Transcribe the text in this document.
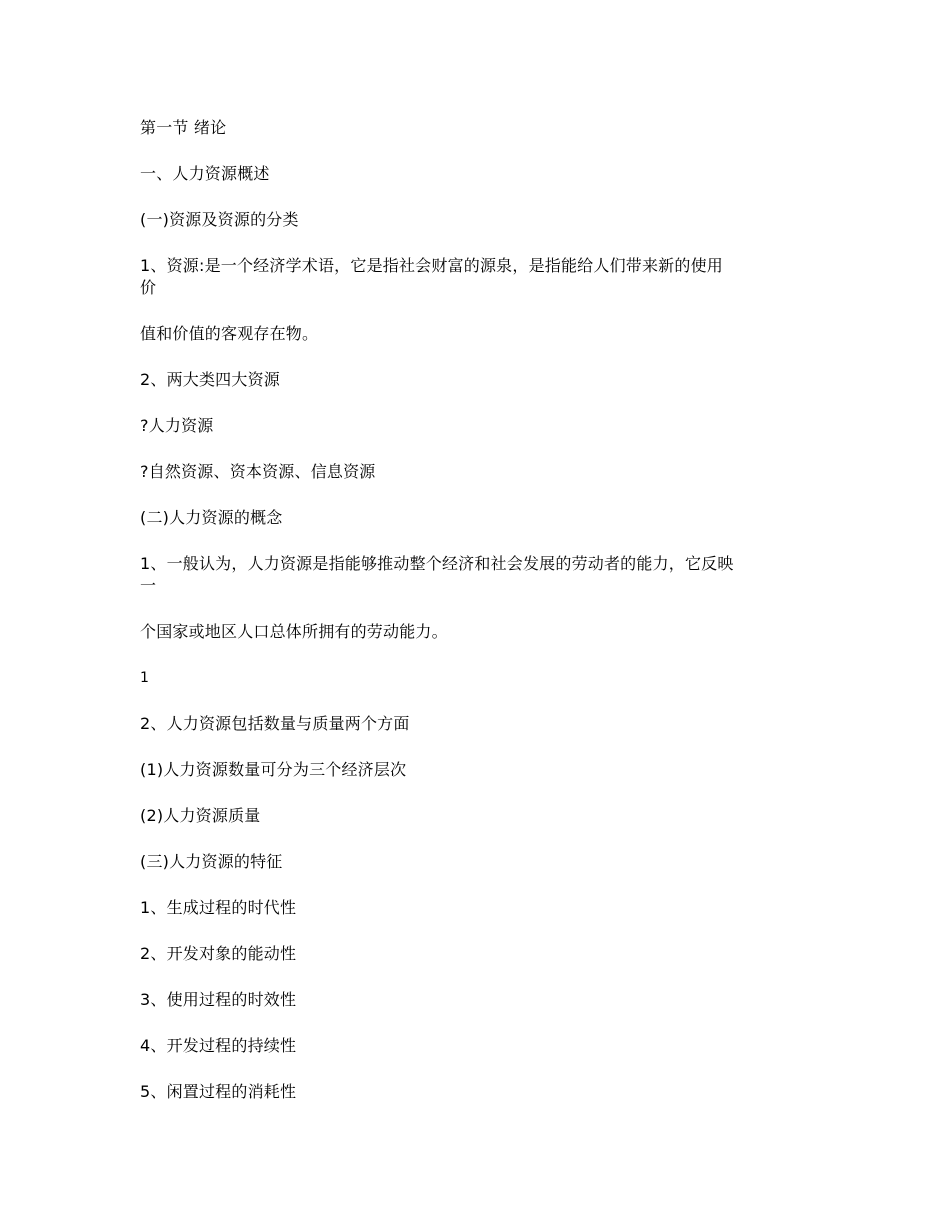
第一节 绪论
一、人力资源概述
(一)资源及资源的分类
1、资源:是一个经济学术语，它是指社会财富的源泉，是指能给人们带来新的使用
价
值和价值的客观存在物。
2、两大类四大资源
?人力资源
?自然资源、资本资源、信息资源
(二)人力资源的概念
1、一般认为，人力资源是指能够推动整个经济和社会发展的劳动者的能力，它反映
一
个国家或地区人口总体所拥有的劳动能力。
1
2、人力资源包括数量与质量两个方面
(1)人力资源数量可分为三个经济层次
(2)人力资源质量
(三)人力资源的特征
1、生成过程的时代性
2、开发对象的能动性
3、使用过程的时效性
4、开发过程的持续性
5、闲置过程的消耗性
